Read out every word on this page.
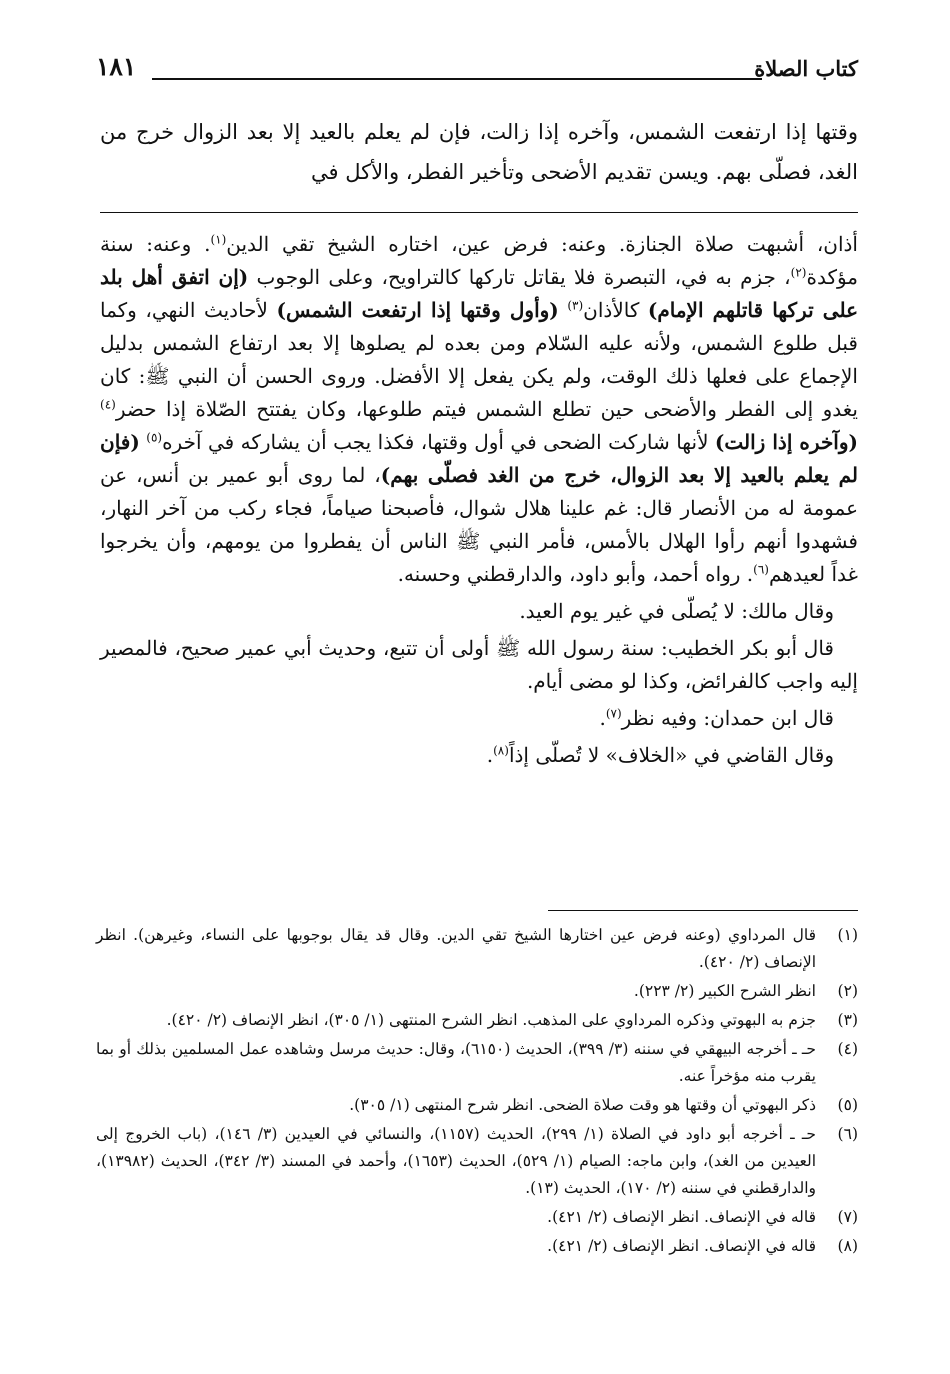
كتاب الصلاة
١٨١

وقتها إذا ارتفعت الشمس، وآخره إذا زالت، فإن لم يعلم بالعيد إلا بعد الزوال خرج من الغد، فصلّى بهم. ويسن تقديم الأضحى وتأخير الفطر، والأكل في

أذان، أشبهت صلاة الجنازة. وعنه: فرض عين، اختاره الشيخ تقي الدين$^{(١)}$. وعنه: سنة مؤكدة$^{(٢)}$، جزم به في، التبصرة فلا يقاتل تاركها كالتراويح، وعلى الوجوب (إن اتفق أهل بلد على تركها قاتلهم الإمام) كالأذان$^{(٣)}$ (وأول وقتها إذا ارتفعت الشمس) لأحاديث النهي، وكما قبل طلوع الشمس، ولأنه عليه السّلام ومن بعده لم يصلوها إلا بعد ارتفاع الشمس بدليل الإجماع على فعلها ذلك الوقت، ولم يكن يفعل إلا الأفضل. وروى الحسن أن النبي ﷺ: كان يغدو إلى الفطر والأضحى حين تطلع الشمس فيتم طلوعها، وكان يفتتح الصّلاة إذا حضر$^{(٤)}$ (وآخره إذا زالت) لأنها شاركت الضحى في أول وقتها، فكذا يجب أن يشاركه في آخره$^{(٥)}$ (فإن لم يعلم بالعيد إلا بعد الزوال، خرج من الغد فصلّى بهم)، لما روى أبو عمير بن أنس، عن عمومة له من الأنصار قال: غم علينا هلال شوال، فأصبحنا صياماً، فجاء ركب من آخر النهار، فشهدوا أنهم رأوا الهلال بالأمس، فأمر النبي ﷺ الناس أن يفطروا من يومهم، وأن يخرجوا غداً لعيدهم$^{(٦)}$. رواه أحمد، وأبو داود، والدارقطني وحسنه.

وقال مالك: لا يُصلّى في غير يوم العيد.

قال أبو بكر الخطيب: سنة رسول الله ﷺ أولى أن تتبع، وحديث أبي عمير صحيح، فالمصير إليه واجب كالفرائض، وكذا لو مضى أيام.

قال ابن حمدان: وفيه نظر$^{(٧)}$.

وقال القاضي في «الخلاف» لا تُصلّى إذاً$^{(٨)}$.

(١)
قال المرداوي (وعنه فرض عين اختارها الشيخ تقي الدين. وقال قد يقال بوجوبها على النساء، وغيرهن). انظر الإنصاف (٢/ ٤٢٠).
(٢)
انظر الشرح الكبير (٢/ ٢٢٣).
(٣)
جزم به البهوتي وذكره المرداوي على المذهب. انظر الشرح المنتهى (١/ ٣٠٥)، انظر الإنصاف (٢/ ٤٢٠).
(٤)
حـ ـ أخرجه البيهقي في سننه (٣/ ٣٩٩)، الحديث (٦١٥٠)، وقال: حديث مرسل وشاهده عمل المسلمين بذلك أو بما يقرب منه مؤخراً عنه.
(٥)
ذكر البهوتي أن وقتها هو وقت صلاة الضحى. انظر شرح المنتهى (١/ ٣٠٥).
(٦)
حـ ـ أخرجه أبو داود في الصلاة (١/ ٢٩٩)، الحديث (١١٥٧)، والنسائي في العيدين (٣/ ١٤٦)، (باب الخروج إلى العيدين من الغد)، وابن ماجه: الصيام (١/ ٥٢٩)، الحديث (١٦٥٣)، وأحمد في المسند (٣/ ٣٤٢)، الحديث (١٣٩٨٢)، والدارقطني في سننه (٢/ ١٧٠)، الحديث (١٣).
(٧)
قاله في الإنصاف. انظر الإنصاف (٢/ ٤٢١).
(٨)
قاله في الإنصاف. انظر الإنصاف (٢/ ٤٢١).
